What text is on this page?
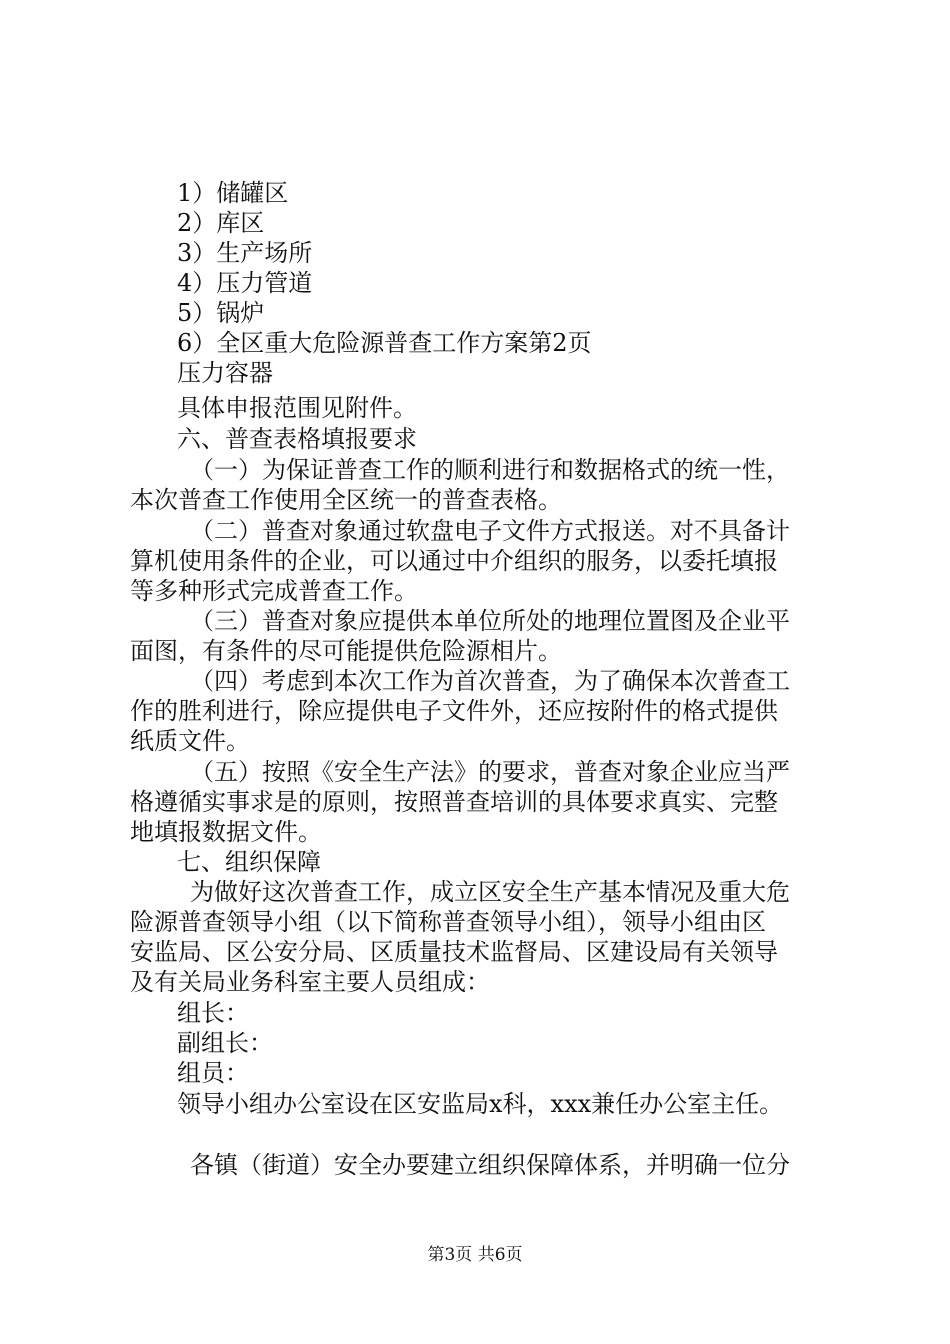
1）储罐区
2）库区
3）生产场所
4）压力管道
5）锅炉
6）全区重大危险源普查工作方案第2页
压力容器
具体申报范围见附件。
六、普查表格填报要求
（一）为保证普查工作的顺利进行和数据格式的统一性，
本次普查工作使用全区统一的普查表格。
（二）普查对象通过软盘电子文件方式报送。对不具备计
算机使用条件的企业，可以通过中介组织的服务，以委托填报
等多种形式完成普查工作。
（三）普查对象应提供本单位所处的地理位置图及企业平
面图，有条件的尽可能提供危险源相片。
（四）考虑到本次工作为首次普查，为了确保本次普查工
作的胜利进行，除应提供电子文件外，还应按附件的格式提供
纸质文件。
（五）按照《安全生产法》的要求，普查对象企业应当严
格遵循实事求是的原则，按照普查培训的具体要求真实、完整
地填报数据文件。
七、组织保障
为做好这次普查工作，成立区安全生产基本情况及重大危
险源普查领导小组（以下简称普查领导小组），领导小组由区
安监局、区公安分局、区质量技术监督局、区建设局有关领导
及有关局业务科室主要人员组成：
组长：
副组长：
组员：
领导小组办公室设在区安监局x科，xxx兼任办公室主任。
各镇（街道）安全办要建立组织保障体系，并明确一位分
第3页 共6页
